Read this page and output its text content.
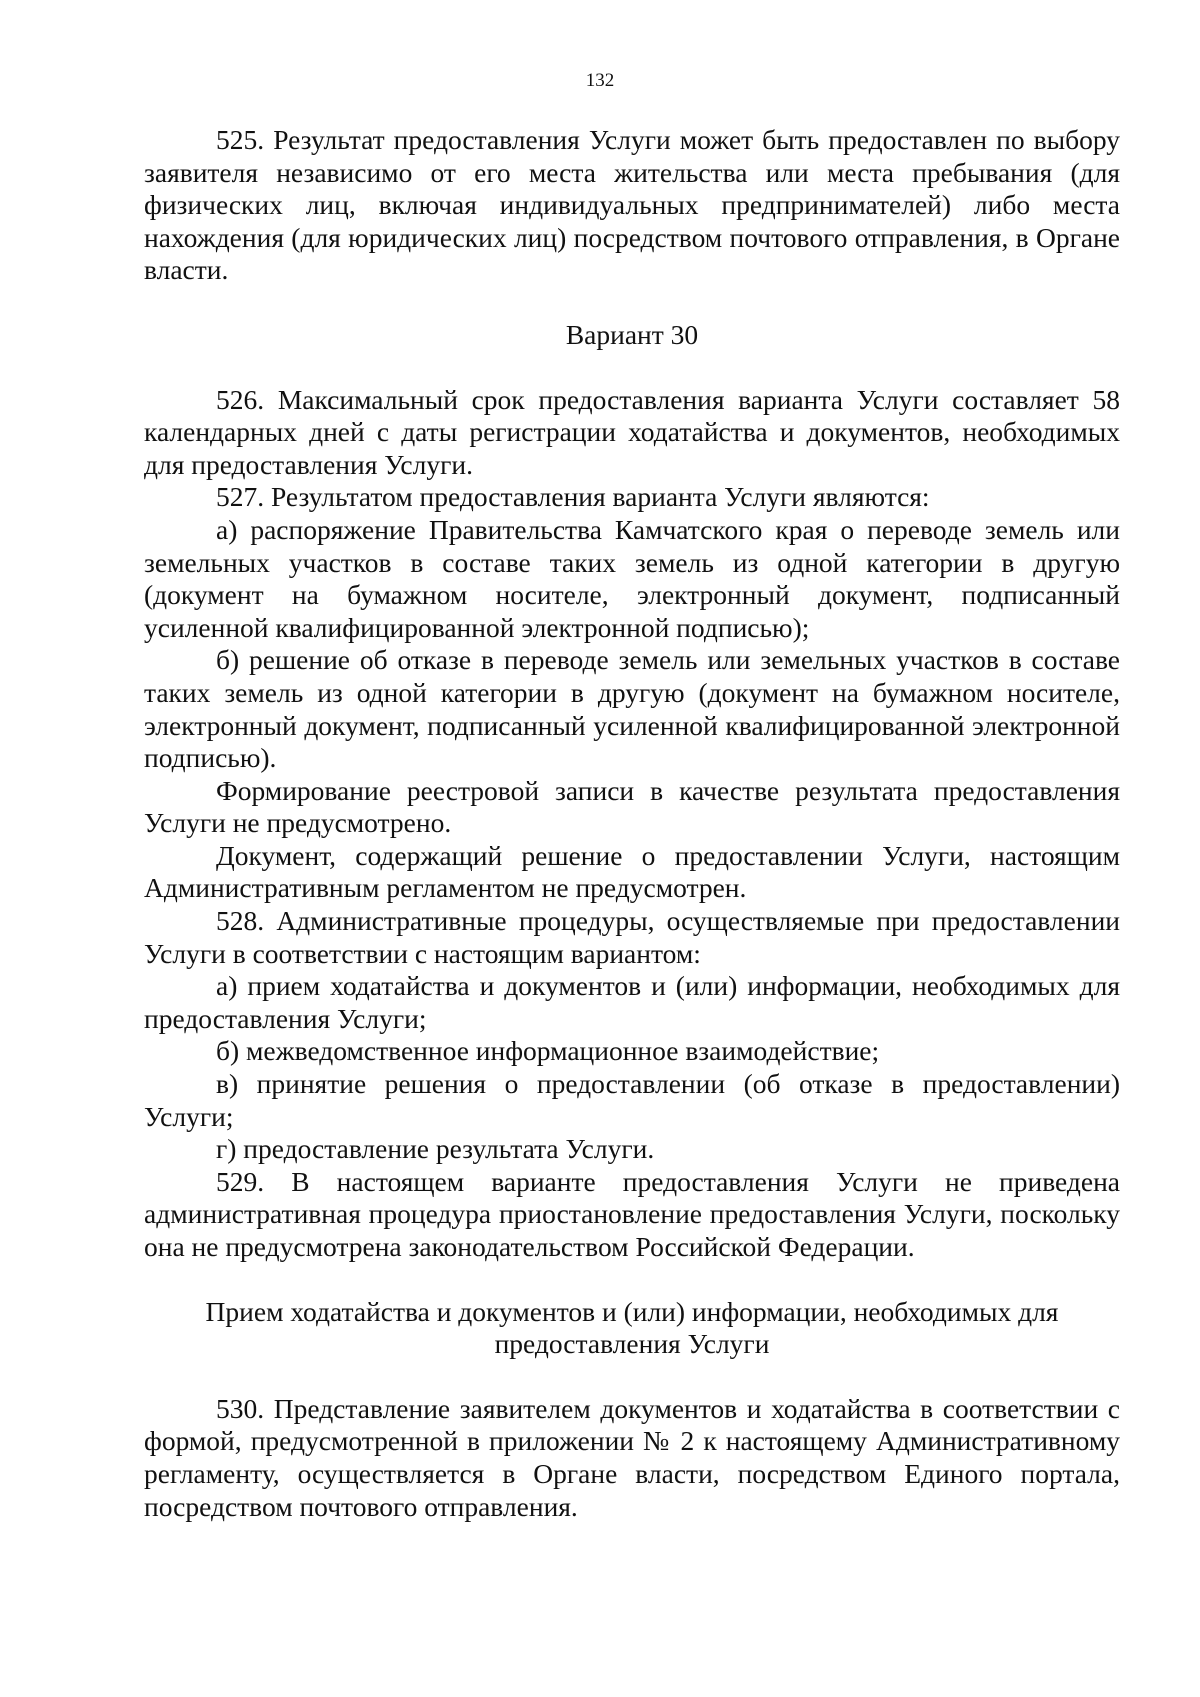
132

525. Результат предоставления Услуги может быть предоставлен по выбору заявителя независимо от его места жительства или места пребывания (для физических лиц, включая индивидуальных предпринимателей) либо места нахождения (для юридических лиц) посредством почтового отправления, в Органе власти.

Вариант 30

526. Максимальный срок предоставления варианта Услуги составляет 58 календарных дней с даты регистрации ходатайства и документов, необходимых для предоставления Услуги.

527. Результатом предоставления варианта Услуги являются:

а) распоряжение Правительства Камчатского края о переводе земель или земельных участков в составе таких земель из одной категории в другую (документ на бумажном носителе, электронный документ, подписанный усиленной квалифицированной электронной подписью);

б) решение об отказе в переводе земель или земельных участков в составе таких земель из одной категории в другую (документ на бумажном носителе, электронный документ, подписанный усиленной квалифицированной электронной подписью).

Формирование реестровой записи в качестве результата предоставления Услуги не предусмотрено.

Документ, содержащий решение о предоставлении Услуги, настоящим Административным регламентом не предусмотрен.

528. Административные процедуры, осуществляемые при предоставлении Услуги в соответствии с настоящим вариантом:

а) прием ходатайства и документов и (или) информации, необходимых для предоставления Услуги;

б) межведомственное информационное взаимодействие;

в) принятие решения о предоставлении (об отказе в предоставлении) Услуги;

г) предоставление результата Услуги.

529. В настоящем варианте предоставления Услуги не приведена административная процедура приостановление предоставления Услуги, поскольку она не предусмотрена законодательством Российской Федерации.

Прием ходатайства и документов и (или) информации, необходимых для предоставления Услуги

530. Представление заявителем документов и ходатайства в соответствии с формой, предусмотренной в приложении № 2 к настоящему Административному регламенту, осуществляется в Органе власти, посредством Единого портала, посредством почтового отправления.
